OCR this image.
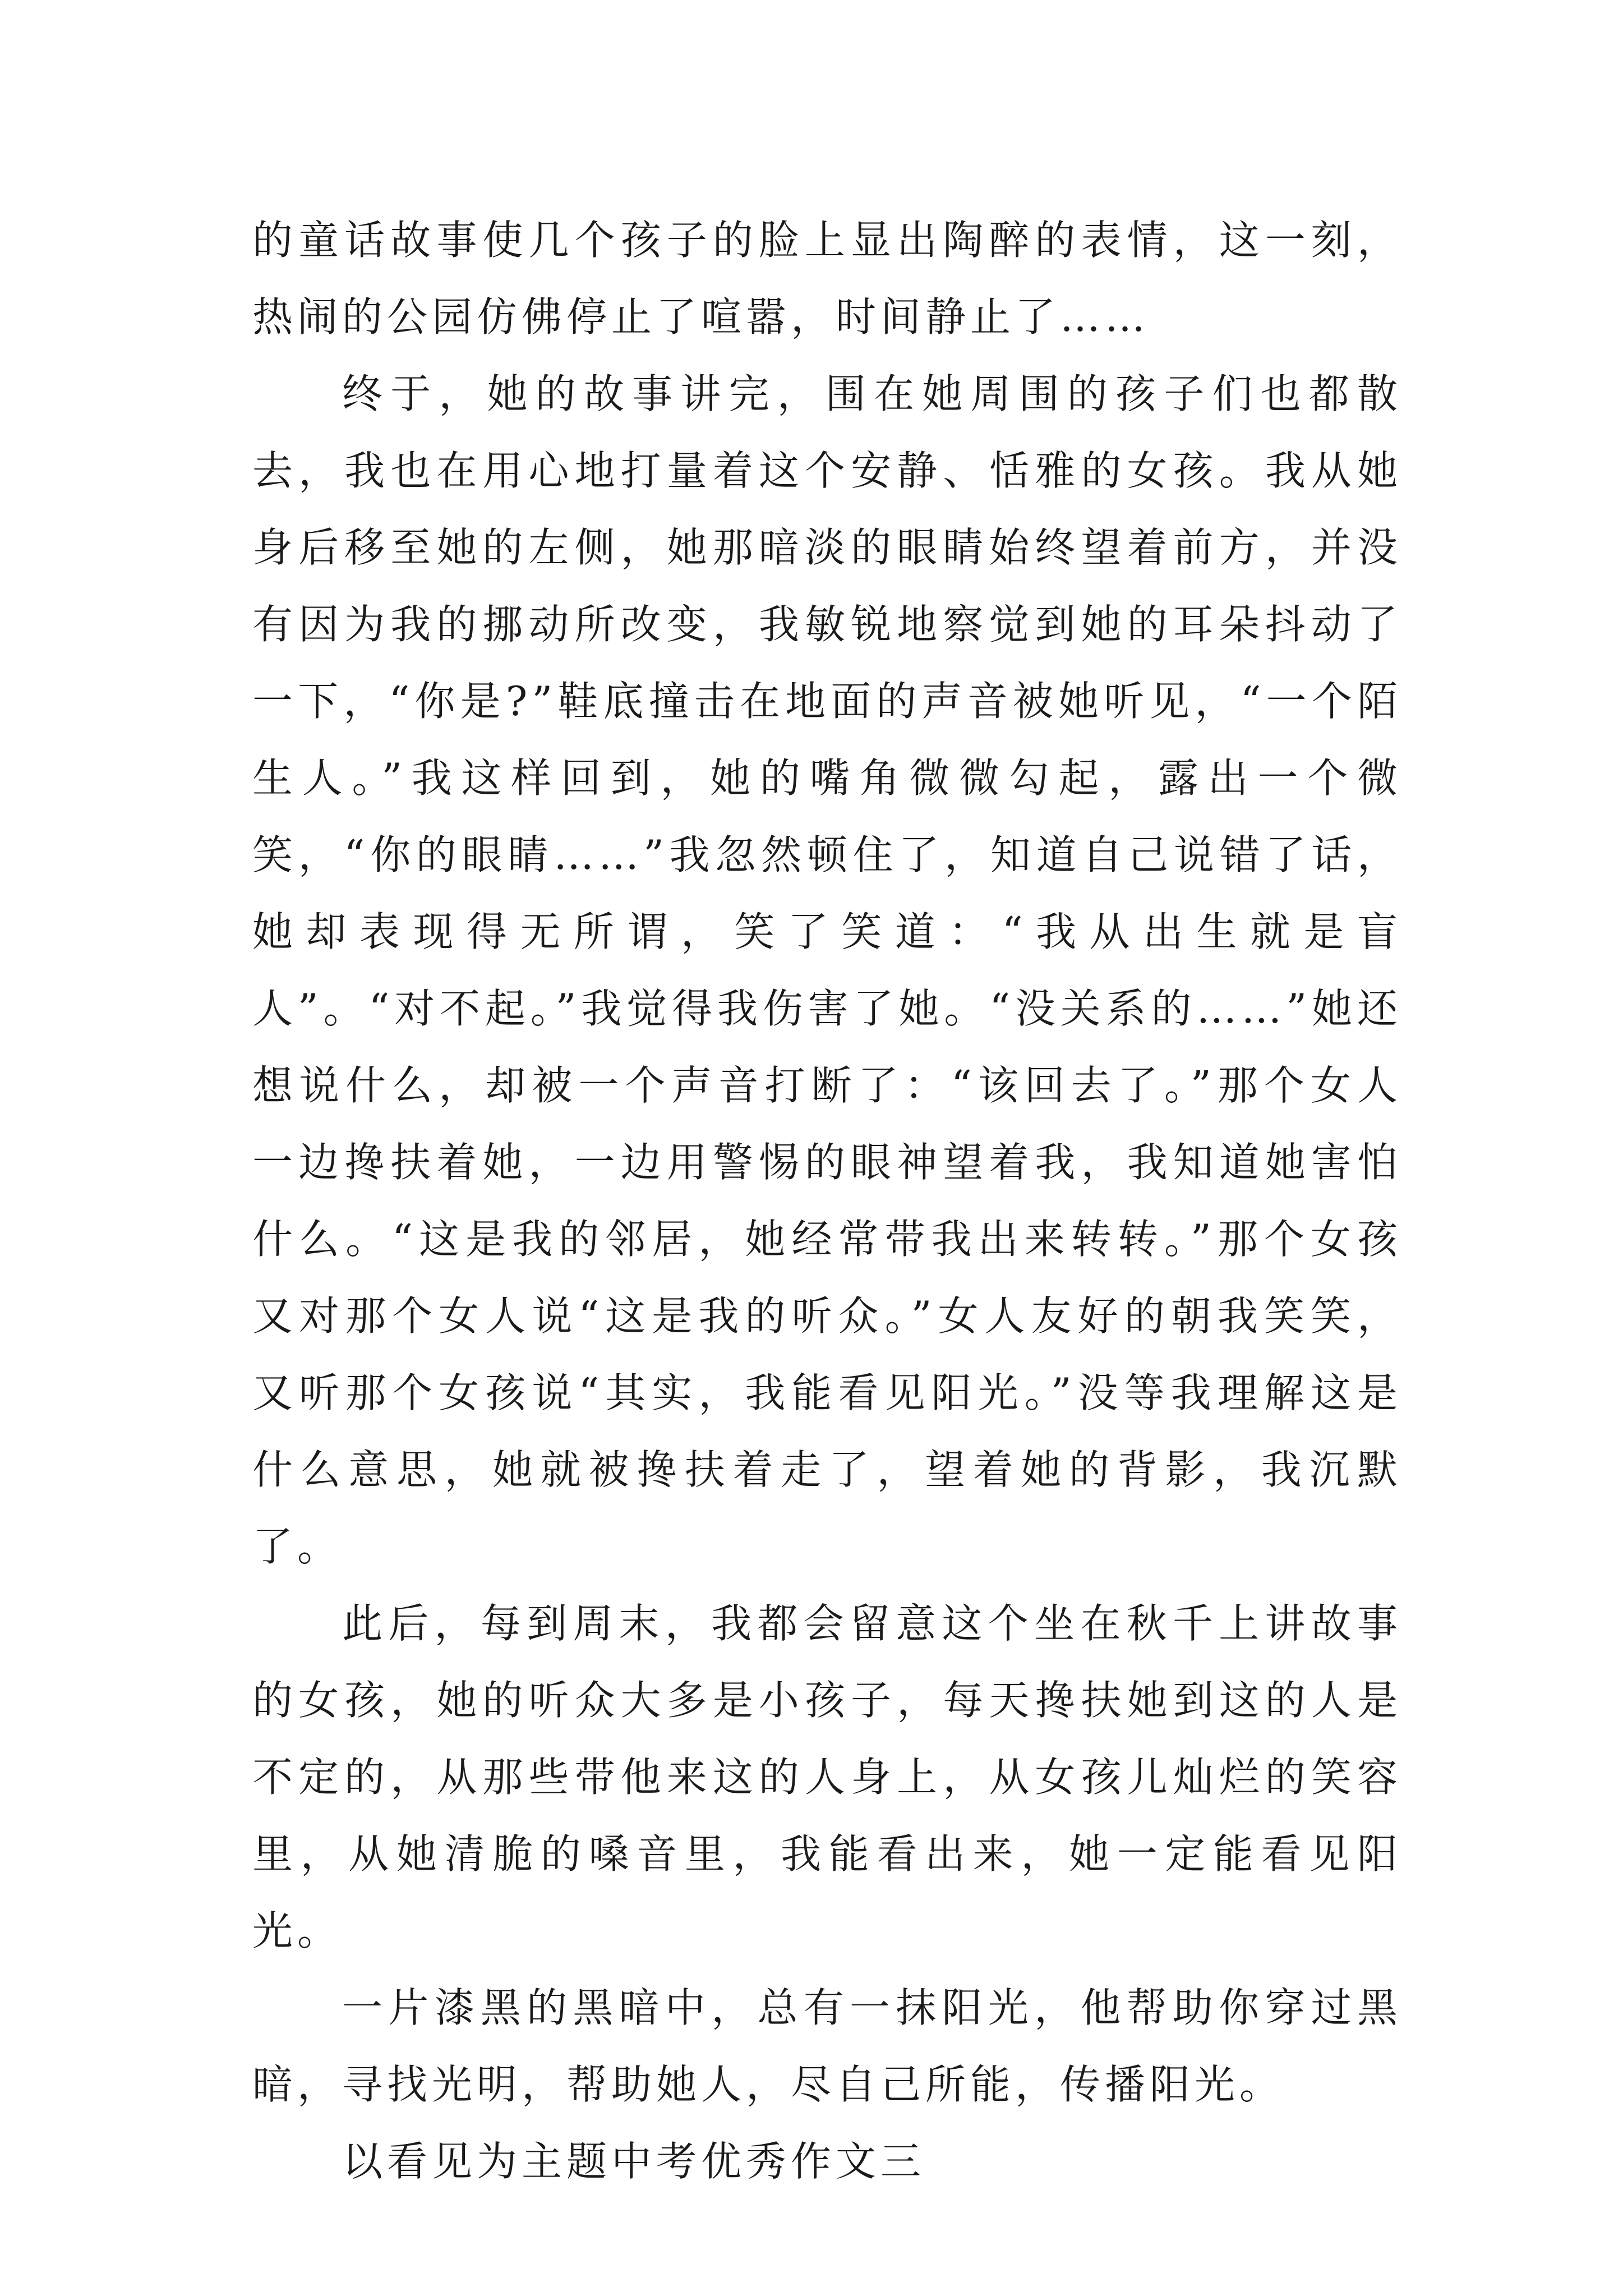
的童话故事使几个孩子的脸上显出陶醉的表情，这一刻，热闹的公园仿佛停止了喧嚣，时间静止了……

终于，她的故事讲完，围在她周围的孩子们也都散去，我也在用心地打量着这个安静、恬雅的女孩。我从她身后移至她的左侧，她那暗淡的眼睛始终望着前方，并没有因为我的挪动所改变，我敏锐地察觉到她的耳朵抖动了一下，“你是?”鞋底撞击在地面的声音被她听见，“一个陌生人。”我这样回到，她的嘴角微微勾起，露出一个微笑，“你的眼睛……”我忽然顿住了，知道自己说错了话，她却表现得无所谓，笑了笑道：“我从出生就是盲人”。“对不起。”我觉得我伤害了她。“没关系的……”她还想说什么，却被一个声音打断了：“该回去了。”那个女人一边搀扶着她，一边用警惕的眼神望着我，我知道她害怕什么。“这是我的邻居，她经常带我出来转转。”那个女孩又对那个女人说“这是我的听众。”女人友好的朝我笑笑，又听那个女孩说“其实，我能看见阳光。”没等我理解这是什么意思，她就被搀扶着走了，望着她的背影，我沉默了。

此后，每到周末，我都会留意这个坐在秋千上讲故事的女孩，她的听众大多是小孩子，每天搀扶她到这的人是不定的，从那些带他来这的人身上，从女孩儿灿烂的笑容里，从她清脆的嗓音里，我能看出来，她一定能看见阳光。

一片漆黑的黑暗中，总有一抹阳光，他帮助你穿过黑暗，寻找光明，帮助她人，尽自己所能，传播阳光。

以看见为主题中考优秀作文三
